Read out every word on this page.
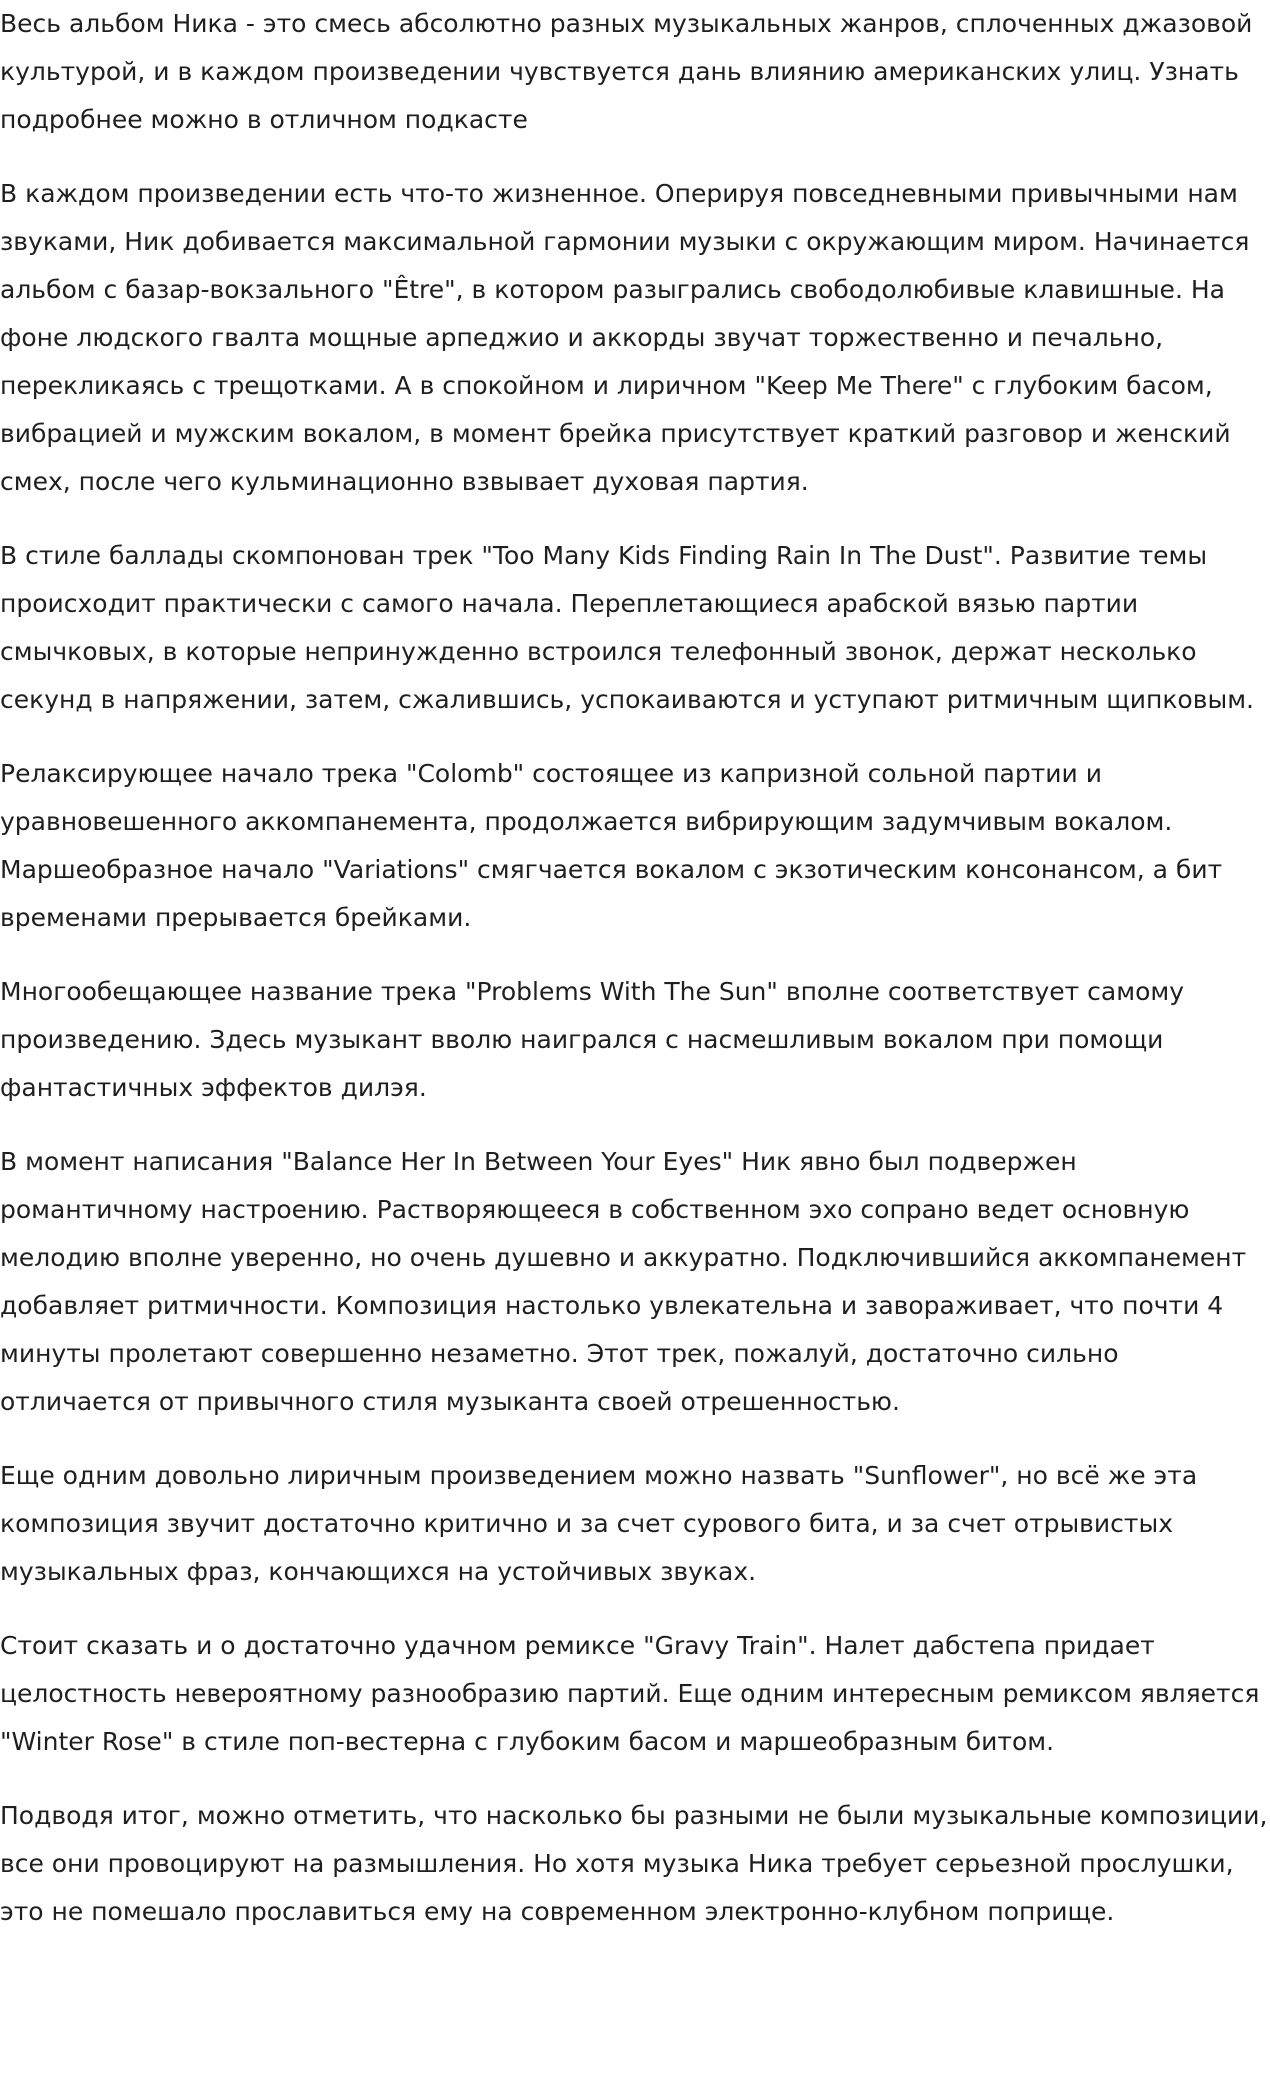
Весь альбом Ника - это смесь абсолютно разных музыкальных жанров, сплоченных джазовой культурой, и в каждом произведении чувствуется дань влиянию американских улиц. Узнать подробнее можно в отличном подкасте

В каждом произведении есть что-то жизненное. Оперируя повседневными привычными нам звуками, Ник добивается максимальной гармонии музыки с окружающим миром. Начинается альбом с базар-вокзального "Être", в котором разыгрались свободолюбивые клавишные. На фоне людского гвалта мощные арпеджио и аккорды звучат торжественно и печально, перекликаясь с трещотками. А в спокойном и лиричном "Keep Me There" с глубоким басом, вибрацией и мужским вокалом, в момент брейка присутствует краткий разговор и женский смех, после чего кульминационно взвывает духовая партия.

В стиле баллады скомпонован трек "Too Many Kids Finding Rain In The Dust". Развитие темы происходит практически с самого начала. Переплетающиеся арабской вязью партии смычковых, в которые непринужденно встроился телефонный звонок, держат несколько секунд в напряжении, затем, сжалившись, успокаиваются и уступают ритмичным щипковым.

Релаксирующее начало трека "Colomb" состоящее из капризной сольной партии и уравновешенного аккомпанемента, продолжается вибрирующим задумчивым вокалом. Маршеобразное начало "Variations" смягчается вокалом с экзотическим консонансом, а бит временами прерывается брейками.

Многообещающее название трека "Problems With The Sun" вполне соответствует самому произведению. Здесь музыкант вволю наигрался с насмешливым вокалом при помощи фантастичных эффектов дилэя.

В момент написания "Balance Her In Between Your Eyes" Ник явно был подвержен романтичному настроению. Растворяющееся в собственном эхо сопрано ведет основную мелодию вполне уверенно, но очень душевно и аккуратно. Подключившийся аккомпанемент добавляет ритмичности. Композиция настолько увлекательна и завораживает, что почти 4 минуты пролетают совершенно незаметно. Этот трек, пожалуй, достаточно сильно отличается от привычного стиля музыканта своей отрешенностью.

Еще одним довольно лиричным произведением можно назвать "Sunflower", но всё же эта композиция звучит достаточно критично и за счет сурового бита, и за счет отрывистых музыкальных фраз, кончающихся на устойчивых звуках.

Стоит сказать и о достаточно удачном ремиксе "Gravy Train". Налет дабстепа придает целостность невероятному разнообразию партий. Еще одним интересным ремиксом является "Winter Rose" в стиле поп-вестерна с глубоким басом и маршеобразным битом.

Подводя итог, можно отметить, что насколько бы разными не были музыкальные композиции, все они провоцируют на размышления. Но хотя музыка Ника требует серьезной прослушки, это не помешало прославиться ему на современном электронно-клубном поприще.
